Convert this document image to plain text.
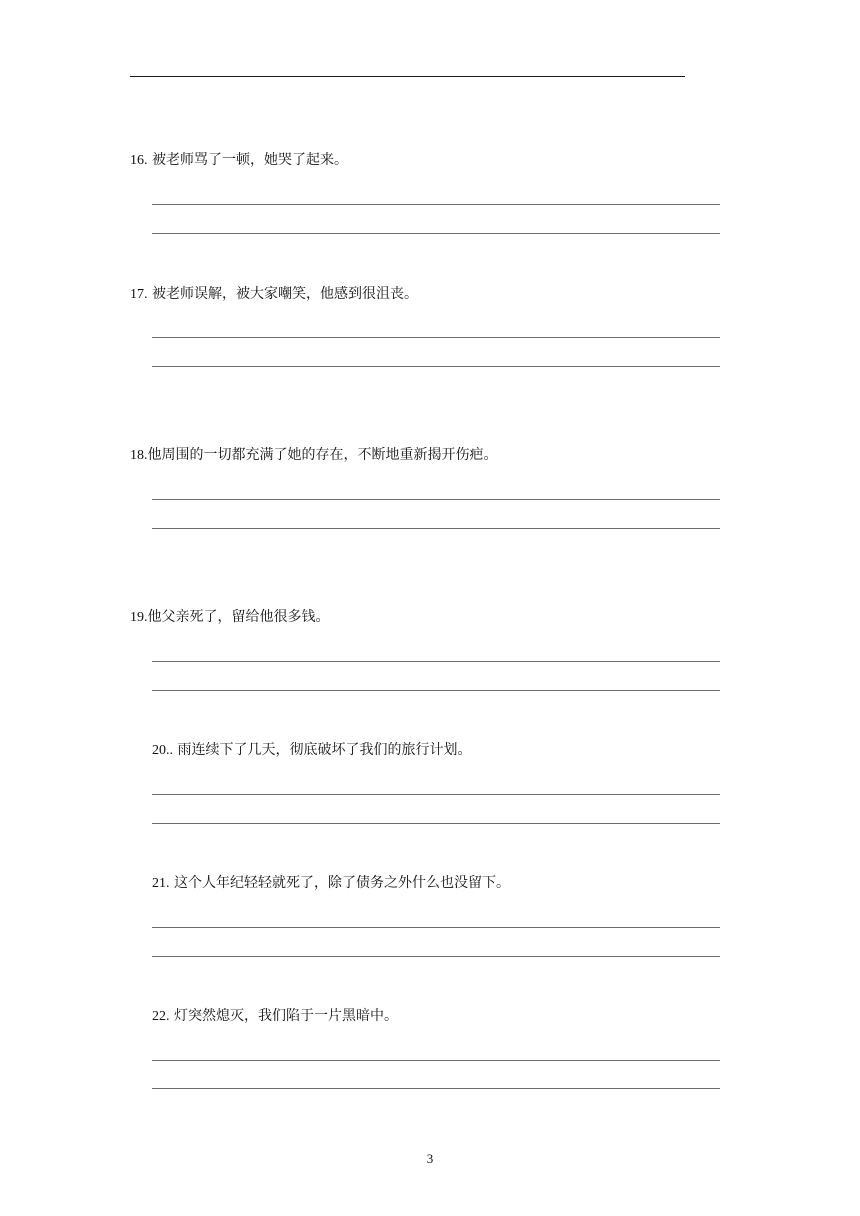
16. 被老师骂了一顿，她哭了起来。
17. 被老师误解，被大家嘲笑，他感到很沮丧。
18.他周围的一切都充满了她的存在，不断地重新揭开伤疤。
19.他父亲死了，留给他很多钱。
20.. 雨连续下了几天，彻底破坏了我们的旅行计划。
21. 这个人年纪轻轻就死了，除了债务之外什么也没留下。
22. 灯突然熄灭，我们陷于一片黑暗中。
3
